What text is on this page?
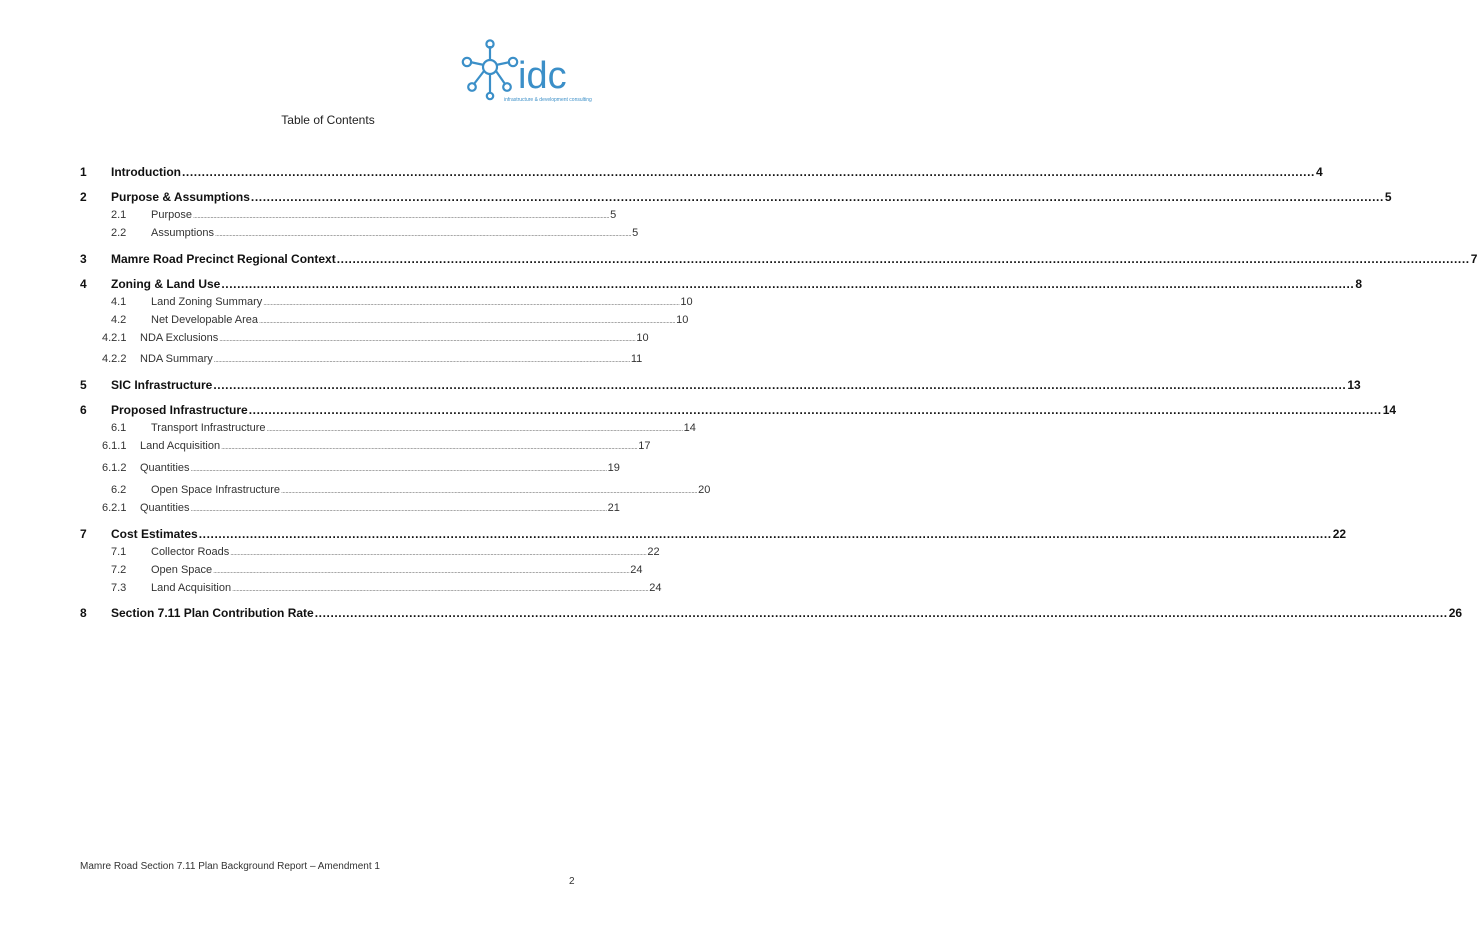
idc
infrastructure & development consulting
Table of Contents
1 Introduction .....	4
2 Purpose & Assumptions .....	5
2.1 Purpose .....	5
2.2 Assumptions .....	5
3 Mamre Road Precinct Regional Context .....	7
4 Zoning & Land Use .....	8
4.1 Land Zoning Summary .....	10
4.2 Net Developable Area .....	10
4.2.1 NDA Exclusions .....	10
4.2.2 NDA Summary .....	11
5 SIC Infrastructure .....	13
6 Proposed Infrastructure .....	14
6.1 Transport Infrastructure .....	14
6.1.1 Land Acquisition .....	17
6.1.2 Quantities .....	19
6.2 Open Space Infrastructure .....	20
6.2.1 Quantities .....	21
7 Cost Estimates .....	22
7.1 Collector Roads .....	22
7.2 Open Space .....	24
7.3 Land Acquisition .....	24
8 Section 7.11 Plan Contribution Rate .....	26
Mamre Road Section 7.11 Plan Background Report – Amendment 1
2
